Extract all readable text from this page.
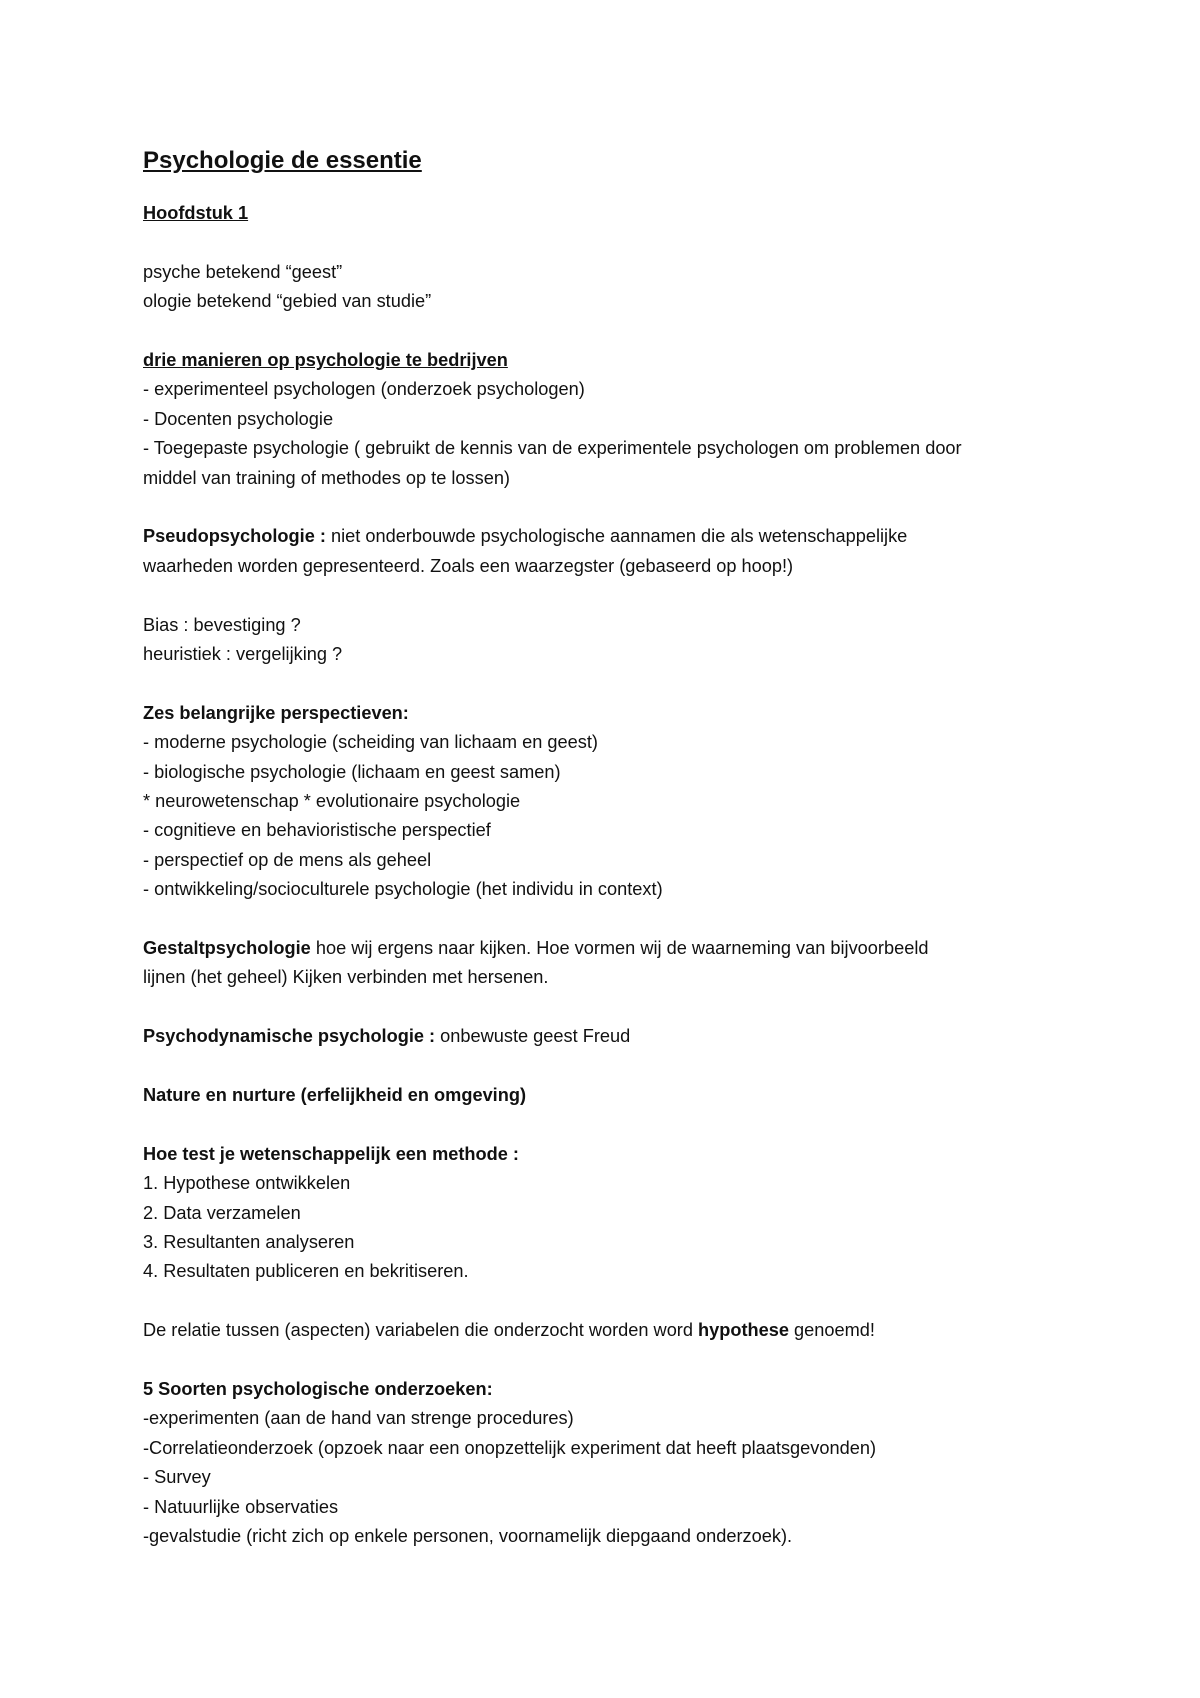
Psychologie de essentie

Hoofdstuk 1

psyche betekend “geest”

ologie betekend “gebied van studie”

drie manieren op psychologie te bedrijven

- experimenteel psychologen (onderzoek psychologen)

- Docenten psychologie

- Toegepaste psychologie ( gebruikt de kennis van de experimentele psychologen om problemen door

middel van training of methodes op te lossen)

Pseudopsychologie : niet onderbouwde psychologische aannamen die als wetenschappelijke

waarheden worden gepresenteerd. Zoals een waarzegster (gebaseerd op hoop!)

Bias : bevestiging ?

heuristiek : vergelijking ?

Zes belangrijke perspectieven:

- moderne psychologie (scheiding van lichaam en geest)

- biologische psychologie (lichaam en geest samen)

* neurowetenschap * evolutionaire psychologie

- cognitieve en behavioristische perspectief

- perspectief op de mens als geheel

- ontwikkeling/socioculturele psychologie (het individu in context)

Gestaltpsychologie hoe wij ergens naar kijken. Hoe vormen wij de waarneming van bijvoorbeeld

lijnen (het geheel) Kijken verbinden met hersenen.

Psychodynamische psychologie : onbewuste geest Freud

Nature en nurture (erfelijkheid en omgeving)

Hoe test je wetenschappelijk een methode :

1. Hypothese ontwikkelen

2. Data verzamelen

3. Resultanten analyseren

4. Resultaten publiceren en bekritiseren.

De relatie tussen (aspecten) variabelen die onderzocht worden word hypothese genoemd!

5 Soorten psychologische onderzoeken:

-experimenten (aan de hand van strenge procedures)

-Correlatieonderzoek (opzoek naar een onopzettelijk experiment dat heeft plaatsgevonden)

- Survey

- Natuurlijke observaties

-gevalstudie (richt zich op enkele personen, voornamelijk diepgaand onderzoek).
